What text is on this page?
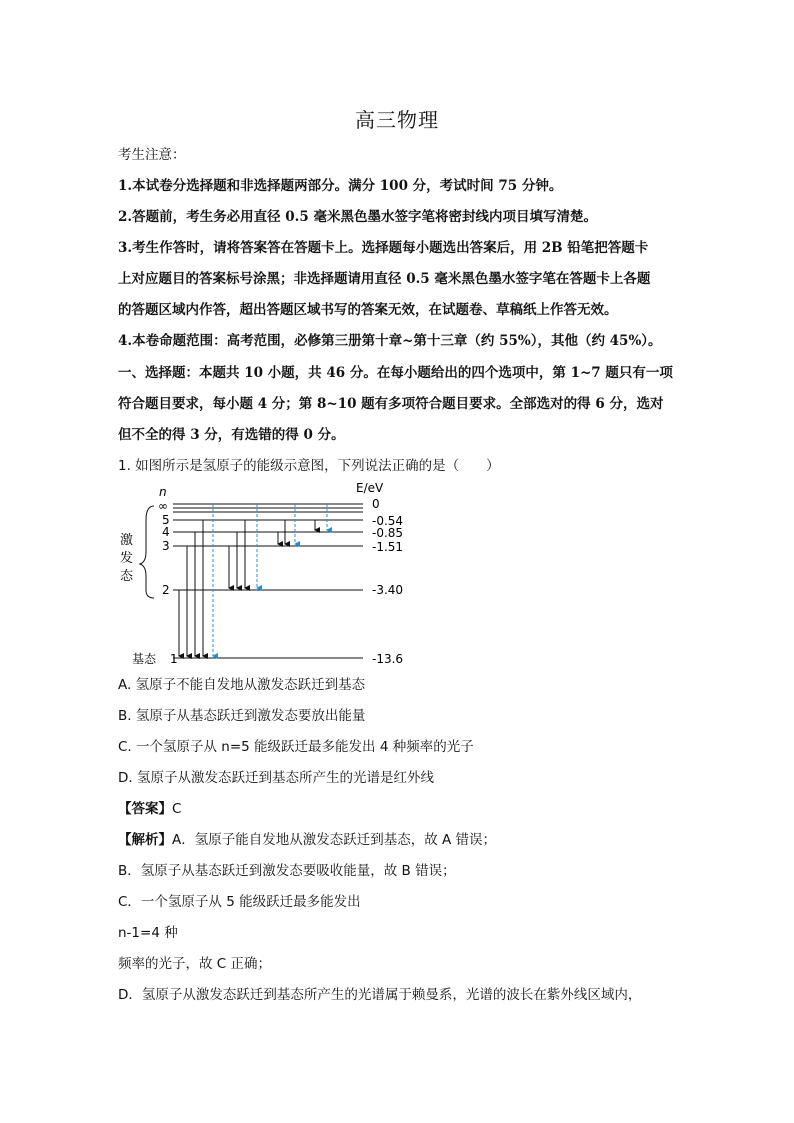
高三物理
考生注意：
1.本试卷分选择题和非选择题两部分。满分 100 分，考试时间 75 分钟。
2.答题前，考生务必用直径 0.5 毫米黑色墨水签字笔将密封线内项目填写清楚。
3.考生作答时，请将答案答在答题卡上。选择题每小题选出答案后，用 2B 铅笔把答题卡
上对应题目的答案标号涂黑；非选择题请用直径 0.5 毫米黑色墨水签字笔在答题卡上各题
的答题区域内作答，超出答题区域书写的答案无效，在试题卷、草稿纸上作答无效。
4.本卷命题范围：高考范围，必修第三册第十章~第十三章（约 55%），其他（约 45%）。
一、选择题：本题共 10 小题，共 46 分。在每小题给出的四个选项中，第 1~7 题只有一项
符合题目要求，每小题 4 分；第 8~10 题有多项符合题目要求。全部选对的得 6 分，选对
但不全的得 3 分，有选错的得 0 分。
1. 如图所示是氢原子的能级示意图，下列说法正确的是（　　）
n	E/eV
∞
5
4
3
2
1
0
-0.54
-0.85
-1.51
-3.40
-13.6
激
发
态
基态
A. 氢原子不能自发地从激发态跃迁到基态
B. 氢原子从基态跃迁到激发态要放出能量
C. 一个氢原子从 n=5 能级跃迁最多能发出 4 种频率的光子
D. 氢原子从激发态跃迁到基态所产生的光谱是红外线
【答案】C
【解析】A．氢原子能自发地从激发态跃迁到基态，故 A 错误；
B．氢原子从基态跃迁到激发态要吸收能量，故 B 错误；
C．一个氢原子从 5 能级跃迁最多能发出
n-1=4 种
频率的光子，故 C 正确；
D．氢原子从激发态跃迁到基态所产生的光谱属于赖曼系，光谱的波长在紫外线区域内，
